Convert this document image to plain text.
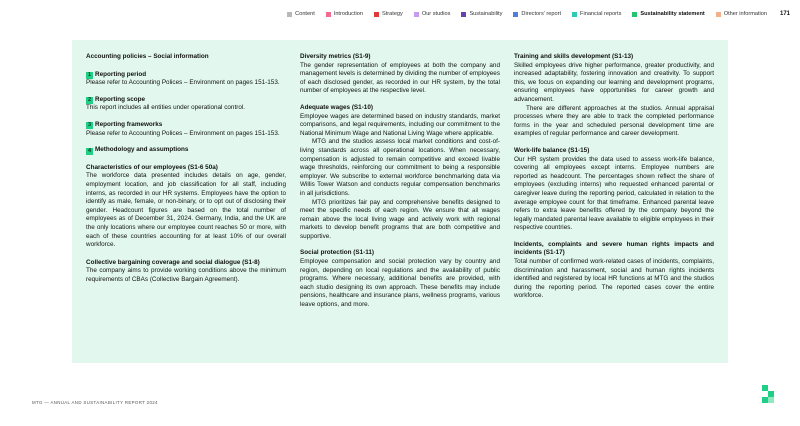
Content	Introduction	Strategy	Our studios	Sustainability	Directors' report	Financial reports	Sustainability statement	Other information 171

Accounting policies – Social information

1 Reporting period

Please refer to Accounting Polices – Environment on pages 151-153.

2 Reporting scope

This report includes all entities under operational control.

3 Reporting frameworks

Please refer to Accounting Polices – Environment on pages 151-153.

4 Methodology and assumptions

Characteristics of our employees (S1-6 50a)

The workforce data presented includes details on age, gender, employment location, and job classification for all staff, including interns, as recorded in our HR systems. Employees have the option to identify as male, female, or non-binary, or to opt out of disclosing their gender. Headcount figures are based on the total number of employees as of December 31, 2024. Germany, India, and the UK are the only locations where our employee count reaches 50 or more, with each of these countries accounting for at least 10% of our overall workforce.

Collective bargaining coverage and social dialogue (S1-8)

The company aims to provide working conditions above the minimum requirements of CBAs (Collective Bargain Agreement).

Diversity metrics (S1-9)

The gender representation of employees at both the company and management levels is determined by dividing the number of employees of each disclosed gender, as recorded in our HR system, by the total number of employees at the respective level.

Adequate wages (S1-10)

Employee wages are determined based on industry standards, market comparisons, and legal requirements, including our commitment to the National Minimum Wage and National Living Wage where applicable.

MTG and the studios assess local market conditions and cost-of-living standards across all operational locations. When necessary, compensation is adjusted to remain competitive and exceed livable wage thresholds, reinforcing our commitment to being a responsible employer. We subscribe to external workforce benchmarking data via Willis Tower Watson and conducts regular compensation benchmarks in all jurisdictions.

MTG prioritizes fair pay and comprehensive benefits designed to meet the specific needs of each region. We ensure that all wages remain above the local living wage and actively work with regional markets to develop benefit programs that are both competitive and supportive.

Social protection (S1-11)

Employee compensation and social protection vary by country and region, depending on local regulations and the availability of public programs. Where necessary, additional benefits are provided, with each studio designing its own approach. These benefits may include pensions, healthcare and insurance plans, wellness programs, various leave options, and more.

Training and skills development (S1-13)

Skilled employees drive higher performance, greater productivity, and increased adaptability, fostering innovation and creativity. To support this, we focus on expanding our learning and development programs, ensuring employees have opportunities for career growth and advancement.

There are different approaches at the studios. Annual appraisal processes where they are able to track the completed performance forms in the year and scheduled personal development time are examples of regular performance and career development.

Work-life balance (S1-15)

Our HR system provides the data used to assess work-life balance, covering all employees except interns. Employee numbers are reported as headcount. The percentages shown reflect the share of employees (excluding interns) who requested enhanced parental or caregiver leave during the reporting period, calculated in relation to the average employee count for that timeframe. Enhanced parental leave refers to extra leave benefits offered by the company beyond the legally mandated parental leave available to eligible employees in their respective countries.

Incidents, complaints and severe human rights impacts and incidents (S1-17)

Total number of confirmed work-related cases of incidents, complaints, discrimination and harassment, social and human rights incidents identified and registered by local HR functions at MTG and the studios during the reporting period. The reported cases cover the entire workforce.

MTG — ANNUAL AND SUSTAINABILITY REPORT 2024
